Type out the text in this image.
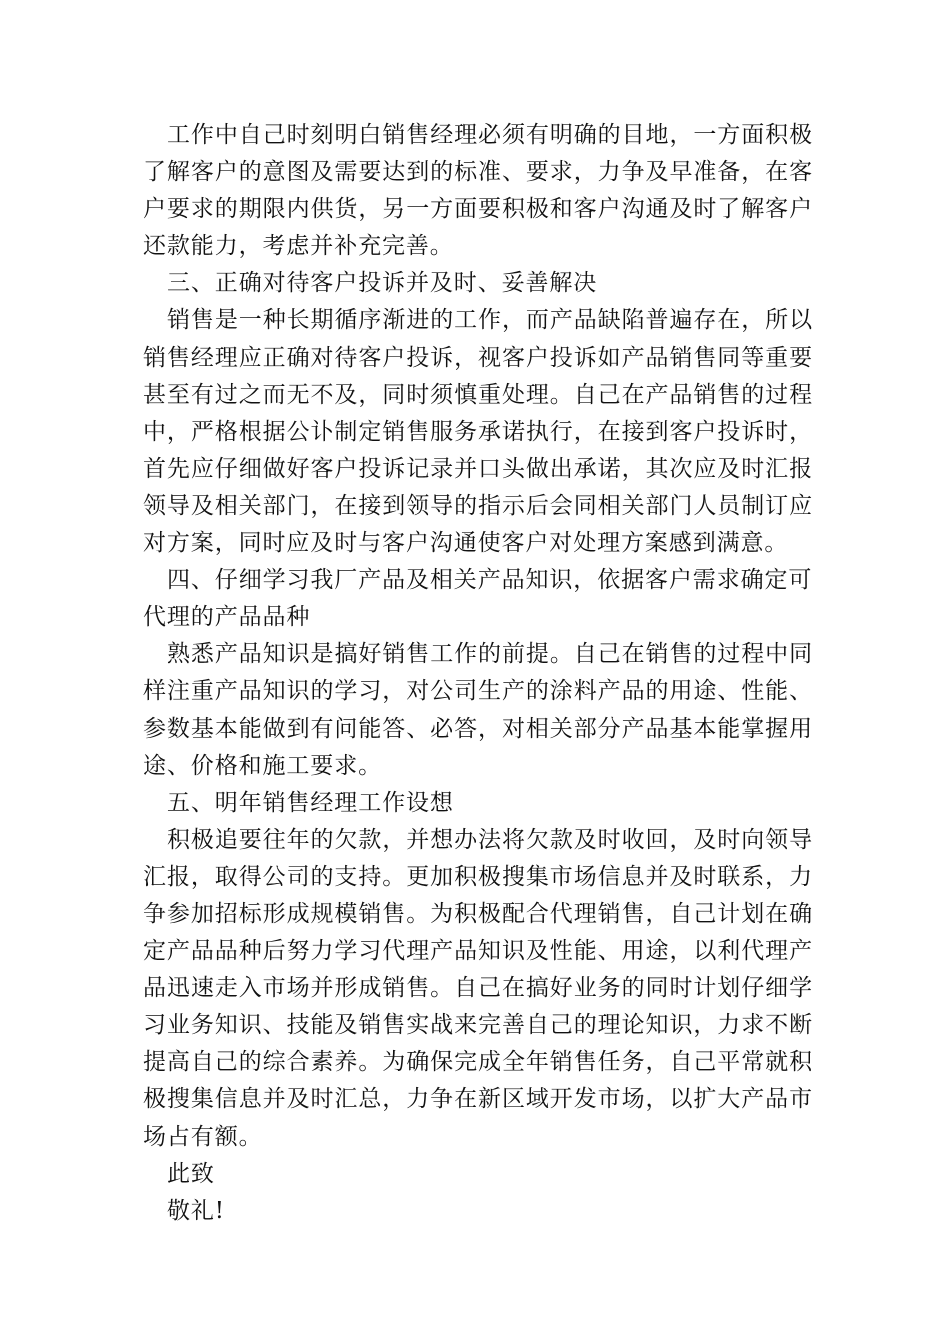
工作中自己时刻明白销售经理必须有明确的目地，一方面积极了解客户的意图及需要达到的标准、要求，力争及早准备，在客户要求的期限内供货，另一方面要积极和客户沟通及时了解客户还款能力，考虑并补充完善。

三、正确对待客户投诉并及时、妥善解决

销售是一种长期循序渐进的工作，而产品缺陷普遍存在，所以销售经理应正确对待客户投诉，视客户投诉如产品销售同等重要甚至有过之而无不及，同时须慎重处理。自己在产品销售的过程中，严格根据公讣制定销售服务承诺执行，在接到客户投诉时，首先应仔细做好客户投诉记录并口头做出承诺，其次应及时汇报领导及相关部门，在接到领导的指示后会同相关部门人员制订应对方案，同时应及时与客户沟通使客户对处理方案感到满意。

四、仔细学习我厂产品及相关产品知识，依据客户需求确定可代理的产品品种

熟悉产品知识是搞好销售工作的前提。自己在销售的过程中同样注重产品知识的学习，对公司生产的涂料产品的用途、性能、参数基本能做到有问能答、必答，对相关部分产品基本能掌握用途、价格和施工要求。

五、明年销售经理工作设想

积极追要往年的欠款，并想办法将欠款及时收回，及时向领导汇报，取得公司的支持。更加积极搜集市场信息并及时联系，力争参加招标形成规模销售。为积极配合代理销售，自己计划在确定产品品种后努力学习代理产品知识及性能、用途，以利代理产品迅速走入市场并形成销售。自己在搞好业务的同时计划仔细学习业务知识、技能及销售实战来完善自己的理论知识，力求不断提高自己的综合素养。为确保完成全年销售任务，自己平常就积极搜集信息并及时汇总，力争在新区域开发市场，以扩大产品市场占有额。

此致

敬礼!
